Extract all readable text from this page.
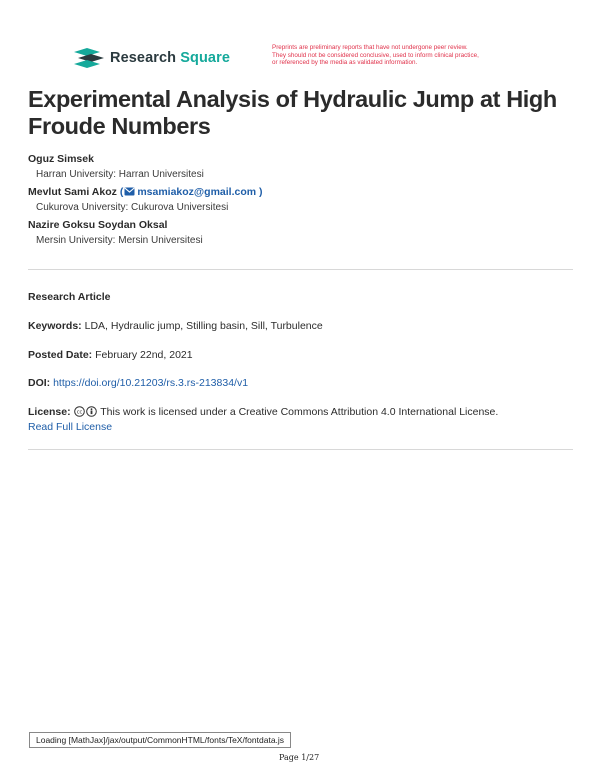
Research Square
Preprints are preliminary reports that have not undergone peer review.
They should not be considered conclusive, used to inform clinical practice,
or referenced by the media as validated information.
Experimental Analysis of Hydraulic Jump at High Froude Numbers
Oguz Simsek
Harran University: Harran Universitesi
Mevlut Sami Akoz ( msamiakoz@gmail.com )
Cukurova University: Cukurova Universitesi
Nazire Goksu Soydan Oksal
Mersin University: Mersin Universitesi
Research Article
Keywords: LDA, Hydraulic jump, Stilling basin, Sill, Turbulence
Posted Date: February 22nd, 2021
DOI: https://doi.org/10.21203/rs.3.rs-213834/v1
License: cc This work is licensed under a Creative Commons Attribution 4.0 International License.
Read Full License
Loading [MathJax]/jax/output/CommonHTML/fonts/TeX/fontdata.js
Page 1/27
